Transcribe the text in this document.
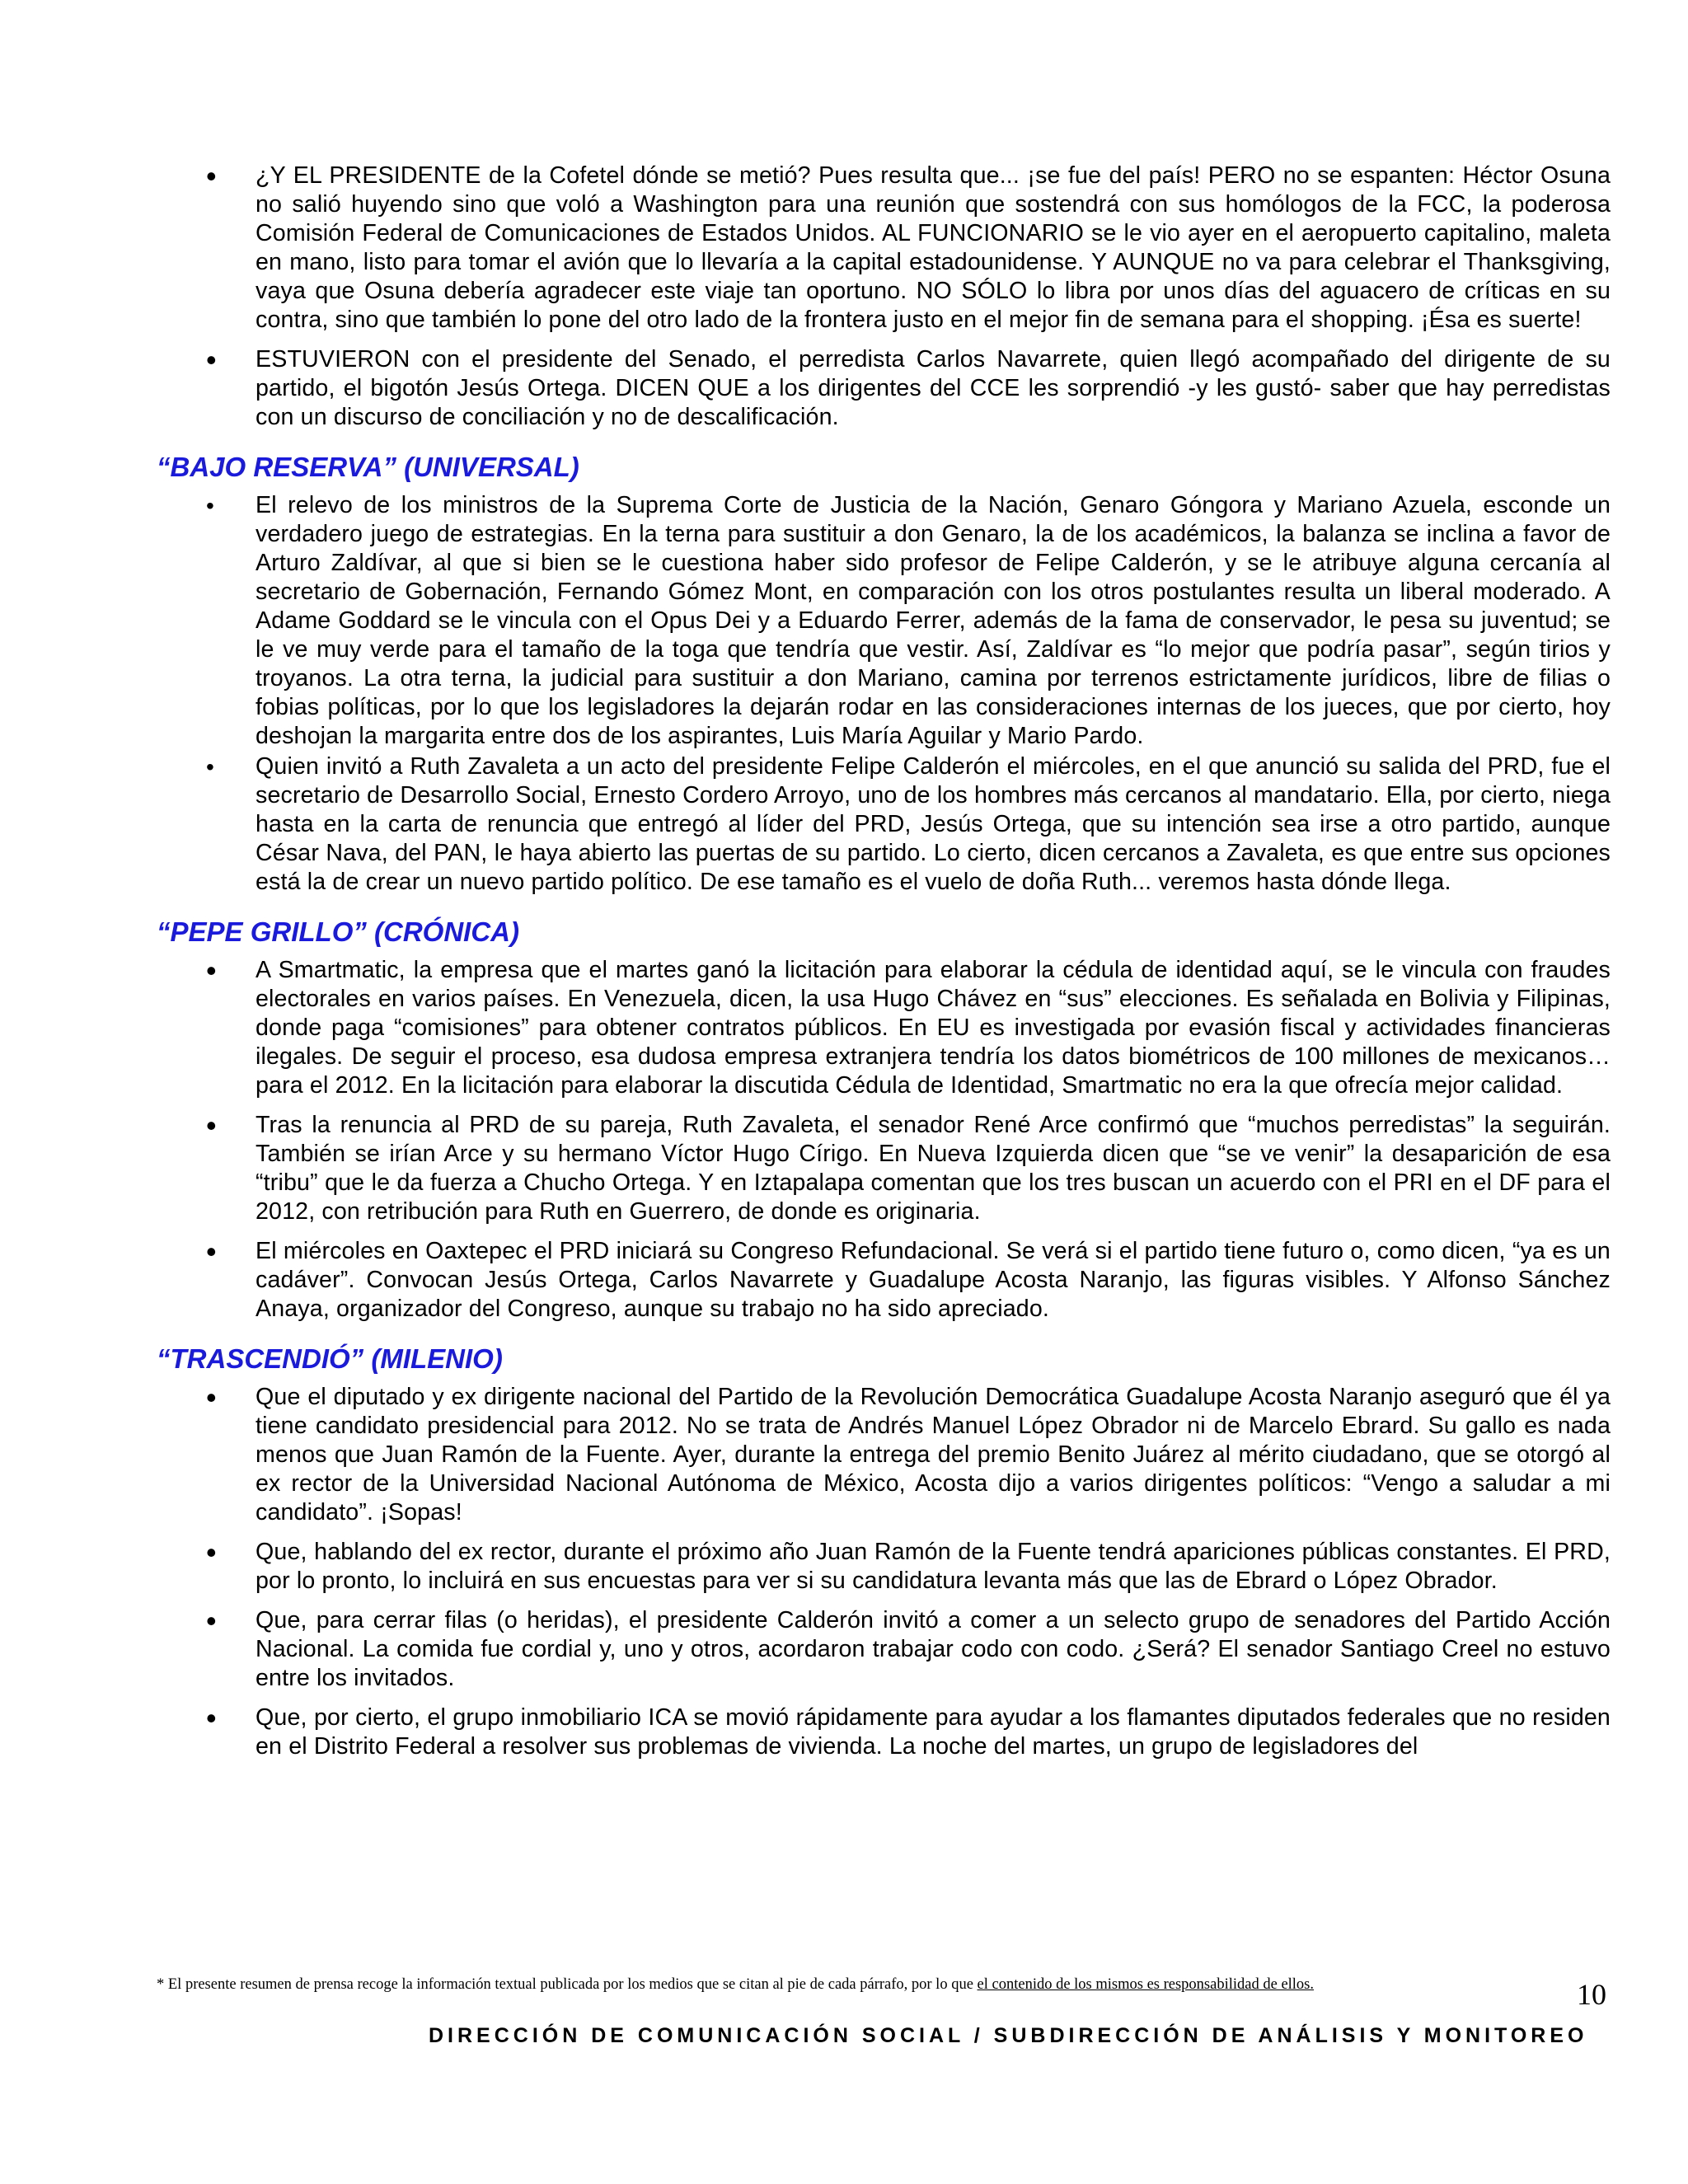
• ¿Y EL PRESIDENTE de la Cofetel dónde se metió? Pues resulta que... ¡se fue del país! PERO no se espanten: Héctor Osuna no salió huyendo sino que voló a Washington para una reunión que sostendrá con sus homólogos de la FCC, la poderosa Comisión Federal de Comunicaciones de Estados Unidos. AL FUNCIONARIO se le vio ayer en el aeropuerto capitalino, maleta en mano, listo para tomar el avión que lo llevaría a la capital estadounidense. Y AUNQUE no va para celebrar el Thanksgiving, vaya que Osuna debería agradecer este viaje tan oportuno. NO SÓLO lo libra por unos días del aguacero de críticas en su contra, sino que también lo pone del otro lado de la frontera justo en el mejor fin de semana para el shopping. ¡Ésa es suerte!
• ESTUVIERON con el presidente del Senado, el perredista Carlos Navarrete, quien llegó acompañado del dirigente de su partido, el bigotón Jesús Ortega. DICEN QUE a los dirigentes del CCE les sorprendió -y les gustó- saber que hay perredistas con un discurso de conciliación y no de descalificación.
“BAJO RESERVA” (UNIVERSAL)
• El relevo de los ministros de la Suprema Corte de Justicia de la Nación, Genaro Góngora y Mariano Azuela, esconde un verdadero juego de estrategias. En la terna para sustituir a don Genaro, la de los académicos, la balanza se inclina a favor de Arturo Zaldívar, al que si bien se le cuestiona haber sido profesor de Felipe Calderón, y se le atribuye alguna cercanía al secretario de Gobernación, Fernando Gómez Mont, en comparación con los otros postulantes resulta un liberal moderado. A Adame Goddard se le vincula con el Opus Dei y a Eduardo Ferrer, además de la fama de conservador, le pesa su juventud; se le ve muy verde para el tamaño de la toga que tendría que vestir. Así, Zaldívar es “lo mejor que podría pasar”, según tirios y troyanos. La otra terna, la judicial para sustituir a don Mariano, camina por terrenos estrictamente jurídicos, libre de filias o fobias políticas, por lo que los legisladores la dejarán rodar en las consideraciones internas de los jueces, que por cierto, hoy deshojan la margarita entre dos de los aspirantes, Luis María Aguilar y Mario Pardo.
• Quien invitó a Ruth Zavaleta a un acto del presidente Felipe Calderón el miércoles, en el que anunció su salida del PRD, fue el secretario de Desarrollo Social, Ernesto Cordero Arroyo, uno de los hombres más cercanos al mandatario. Ella, por cierto, niega hasta en la carta de renuncia que entregó al líder del PRD, Jesús Ortega, que su intención sea irse a otro partido, aunque César Nava, del PAN, le haya abierto las puertas de su partido. Lo cierto, dicen cercanos a Zavaleta, es que entre sus opciones está la de crear un nuevo partido político. De ese tamaño es el vuelo de doña Ruth... veremos hasta dónde llega.
“PEPE GRILLO” (CRÓNICA)
• A Smartmatic, la empresa que el martes ganó la licitación para elaborar la cédula de identidad aquí, se le vincula con fraudes electorales en varios países. En Venezuela, dicen, la usa Hugo Chávez en “sus” elecciones. Es señalada en Bolivia y Filipinas, donde paga “comisiones” para obtener contratos públicos. En EU es investigada por evasión fiscal y actividades financieras ilegales. De seguir el proceso, esa dudosa empresa extranjera tendría los datos biométricos de 100 millones de mexicanos… para el 2012. En la licitación para elaborar la discutida Cédula de Identidad, Smartmatic no era la que ofrecía mejor calidad.
• Tras la renuncia al PRD de su pareja, Ruth Zavaleta, el senador René Arce confirmó que “muchos perredistas” la seguirán. También se irían Arce y su hermano Víctor Hugo Círigo. En Nueva Izquierda dicen que “se ve venir” la desaparición de esa “tribu” que le da fuerza a Chucho Ortega. Y en Iztapalapa comentan que los tres buscan un acuerdo con el PRI en el DF para el 2012, con retribución para Ruth en Guerrero, de donde es originaria.
• El miércoles en Oaxtepec el PRD iniciará su Congreso Refundacional. Se verá si el partido tiene futuro o, como dicen, “ya es un cadáver”. Convocan Jesús Ortega, Carlos Navarrete y Guadalupe Acosta Naranjo, las figuras visibles. Y Alfonso Sánchez Anaya, organizador del Congreso, aunque su trabajo no ha sido apreciado.
“TRASCENDIÓ” (MILENIO)
• Que el diputado y ex dirigente nacional del Partido de la Revolución Democrática Guadalupe Acosta Naranjo aseguró que él ya tiene candidato presidencial para 2012. No se trata de Andrés Manuel López Obrador ni de Marcelo Ebrard. Su gallo es nada menos que Juan Ramón de la Fuente. Ayer, durante la entrega del premio Benito Juárez al mérito ciudadano, que se otorgó al ex rector de la Universidad Nacional Autónoma de México, Acosta dijo a varios dirigentes políticos: “Vengo a saludar a mi candidato”. ¡Sopas!
• Que, hablando del ex rector, durante el próximo año Juan Ramón de la Fuente tendrá apariciones públicas constantes. El PRD, por lo pronto, lo incluirá en sus encuestas para ver si su candidatura levanta más que las de Ebrard o López Obrador.
• Que, para cerrar filas (o heridas), el presidente Calderón invitó a comer a un selecto grupo de senadores del Partido Acción Nacional. La comida fue cordial y, uno y otros, acordaron trabajar codo con codo. ¿Será? El senador Santiago Creel no estuvo entre los invitados.
• Que, por cierto, el grupo inmobiliario ICA se movió rápidamente para ayudar a los flamantes diputados federales que no residen en el Distrito Federal a resolver sus problemas de vivienda. La noche del martes, un grupo de legisladores del
* El presente resumen de prensa recoge la información textual publicada por los medios que se citan al pie de cada párrafo, por lo que el contenido de los mismos es responsabilidad de ellos.	10
DIRECCIÓN DE COMUNICACIÓN SOCIAL / SUBDIRECCIÓN DE ANÁLISIS Y MONITOREO
